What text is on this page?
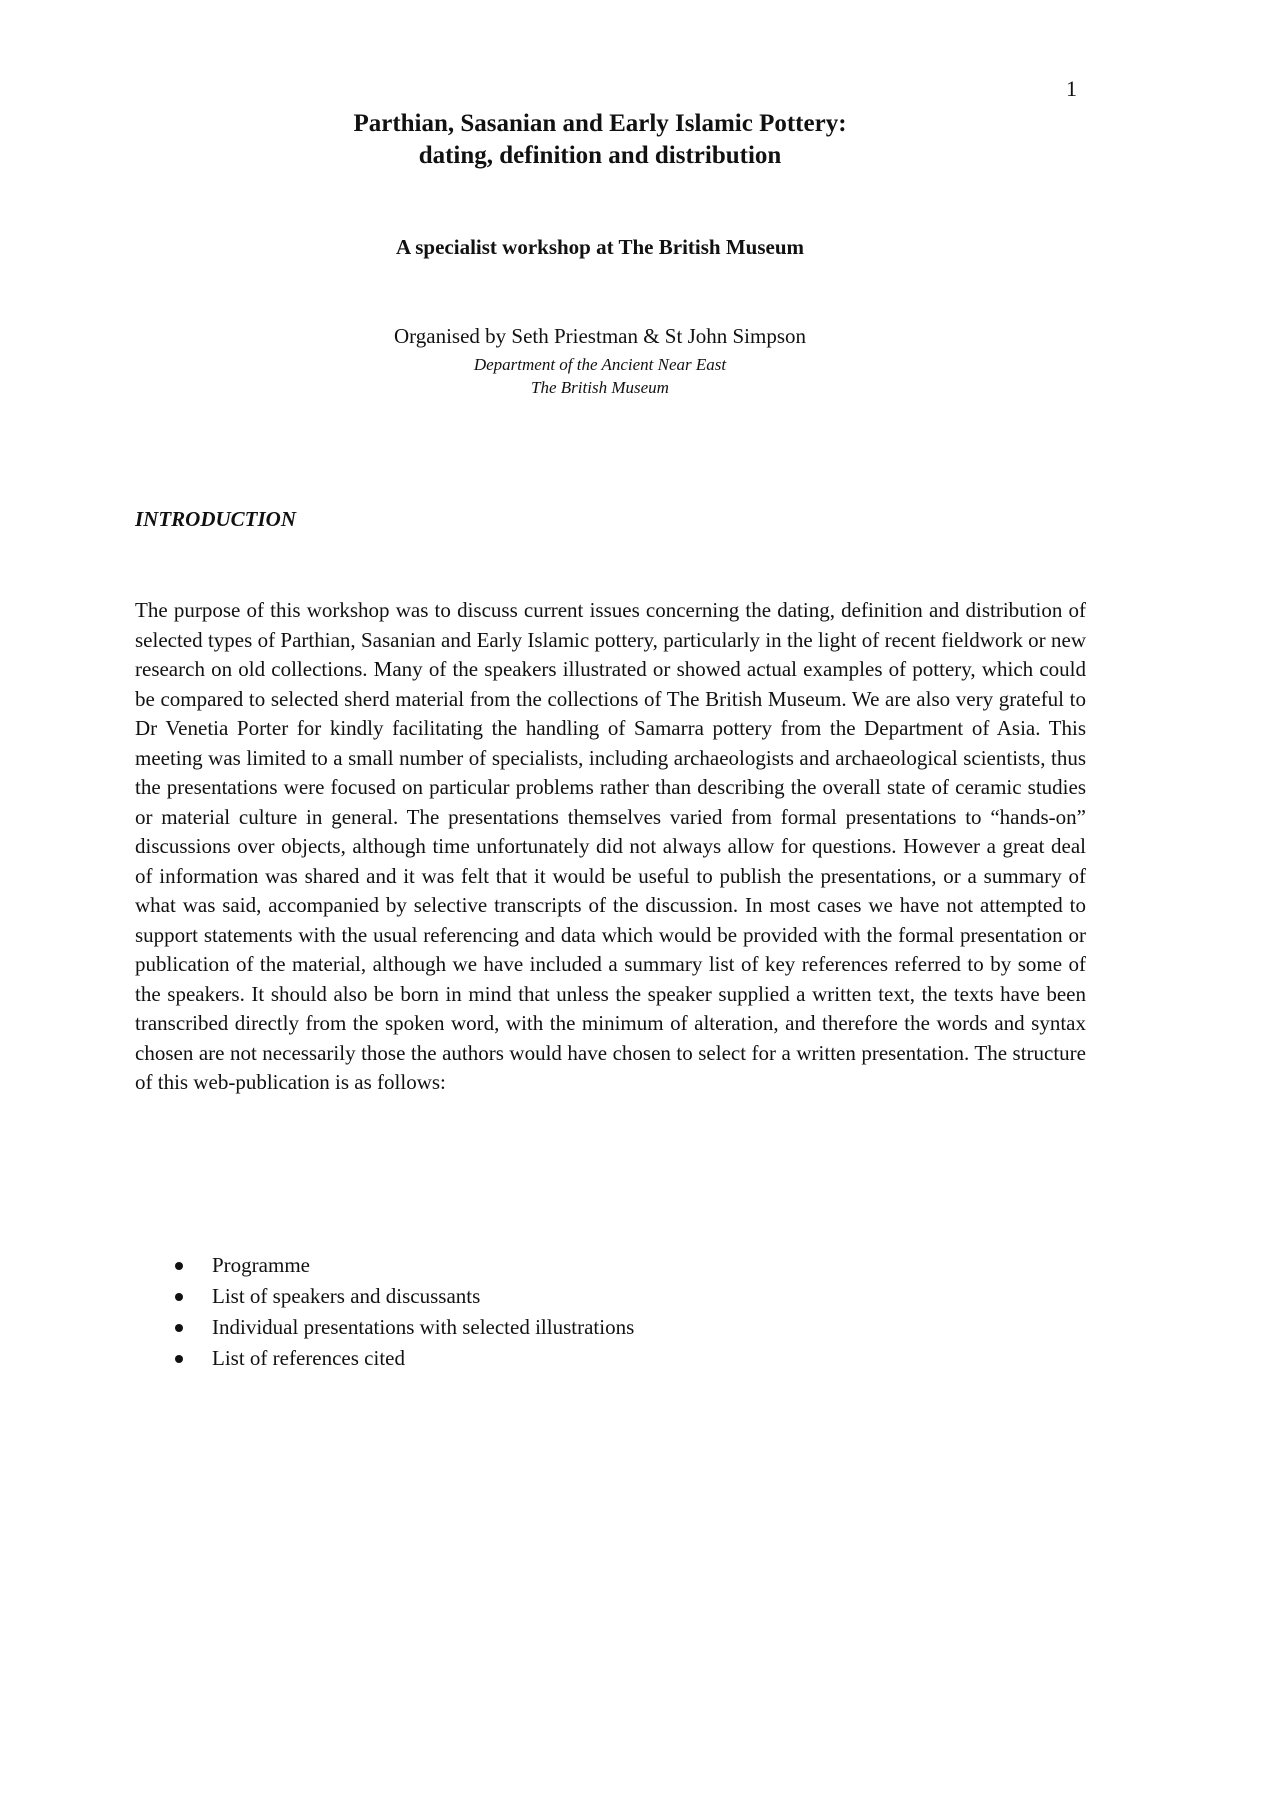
1
Parthian, Sasanian and Early Islamic Pottery:
dating, definition and distribution
A specialist workshop at The British Museum
Organised by Seth Priestman & St John Simpson
Department of the Ancient Near East
The British Museum
INTRODUCTION

The purpose of this workshop was to discuss current issues concerning the dating, definition and distribution of selected types of Parthian, Sasanian and Early Islamic pottery, particularly in the light of recent fieldwork or new research on old collections. Many of the speakers illustrated or showed actual examples of pottery, which could be compared to selected sherd material from the collections of The British Museum. We are also very grateful to Dr Venetia Porter for kindly facilitating the handling of Samarra pottery from the Department of Asia. This meeting was limited to a small number of specialists, including archaeologists and archaeological scientists, thus the presentations were focused on particular problems rather than describing the overall state of ceramic studies or material culture in general. The presentations themselves varied from formal presentations to “hands-on” discussions over objects, although time unfortunately did not always allow for questions. However a great deal of information was shared and it was felt that it would be useful to publish the presentations, or a summary of what was said, accompanied by selective transcripts of the discussion. In most cases we have not attempted to support statements with the usual referencing and data which would be provided with the formal presentation or publication of the material, although we have included a summary list of key references referred to by some of the speakers. It should also be born in mind that unless the speaker supplied a written text, the texts have been transcribed directly from the spoken word, with the minimum of alteration, and therefore the words and syntax chosen are not necessarily those the authors would have chosen to select for a written presentation. The structure of this web-publication is as follows:

Programme
List of speakers and discussants
Individual presentations with selected illustrations
List of references cited
